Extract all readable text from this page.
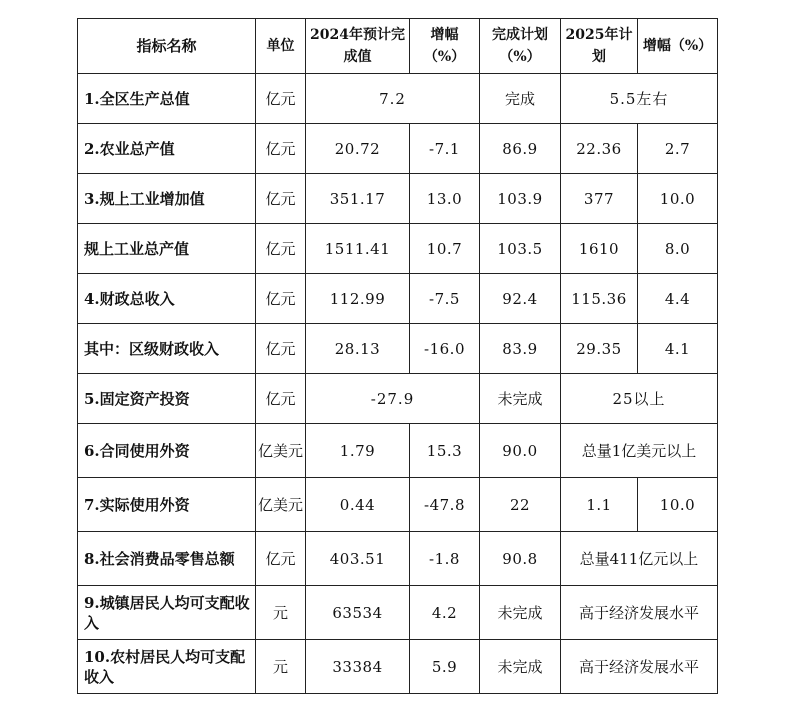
指标名称	单位	2024年预计完成值	增幅（%）	完成计划（%）	2025年计划	增幅（%）
1.全区生产总值	亿元	7.2		完成	5.5左右	
2.农业总产值	亿元	20.72	-7.1	86.9	22.36	2.7
3.规上工业增加值	亿元	351.17	13.0	103.9	377	10.0
规上工业总产值	亿元	1511.41	10.7	103.5	1610	8.0
4.财政总收入	亿元	112.99	-7.5	92.4	115.36	4.4
其中：区级财政收入	亿元	28.13	-16.0	83.9	29.35	4.1
5.固定资产投资	亿元	-27.9		未完成	25以上	
6.合同使用外资	亿美元	1.79	15.3	90.0	总量1亿美元以上	
7.实际使用外资	亿美元	0.44	-47.8	22	1.1	10.0
8.社会消费品零售总额	亿元	403.51	-1.8	90.8	总量411亿元以上	
9.城镇居民人均可支配收入	元	63534	4.2	未完成	高于经济发展水平	
10.农村居民人均可支配收入	元	33384	5.9	未完成	高于经济发展水平	
